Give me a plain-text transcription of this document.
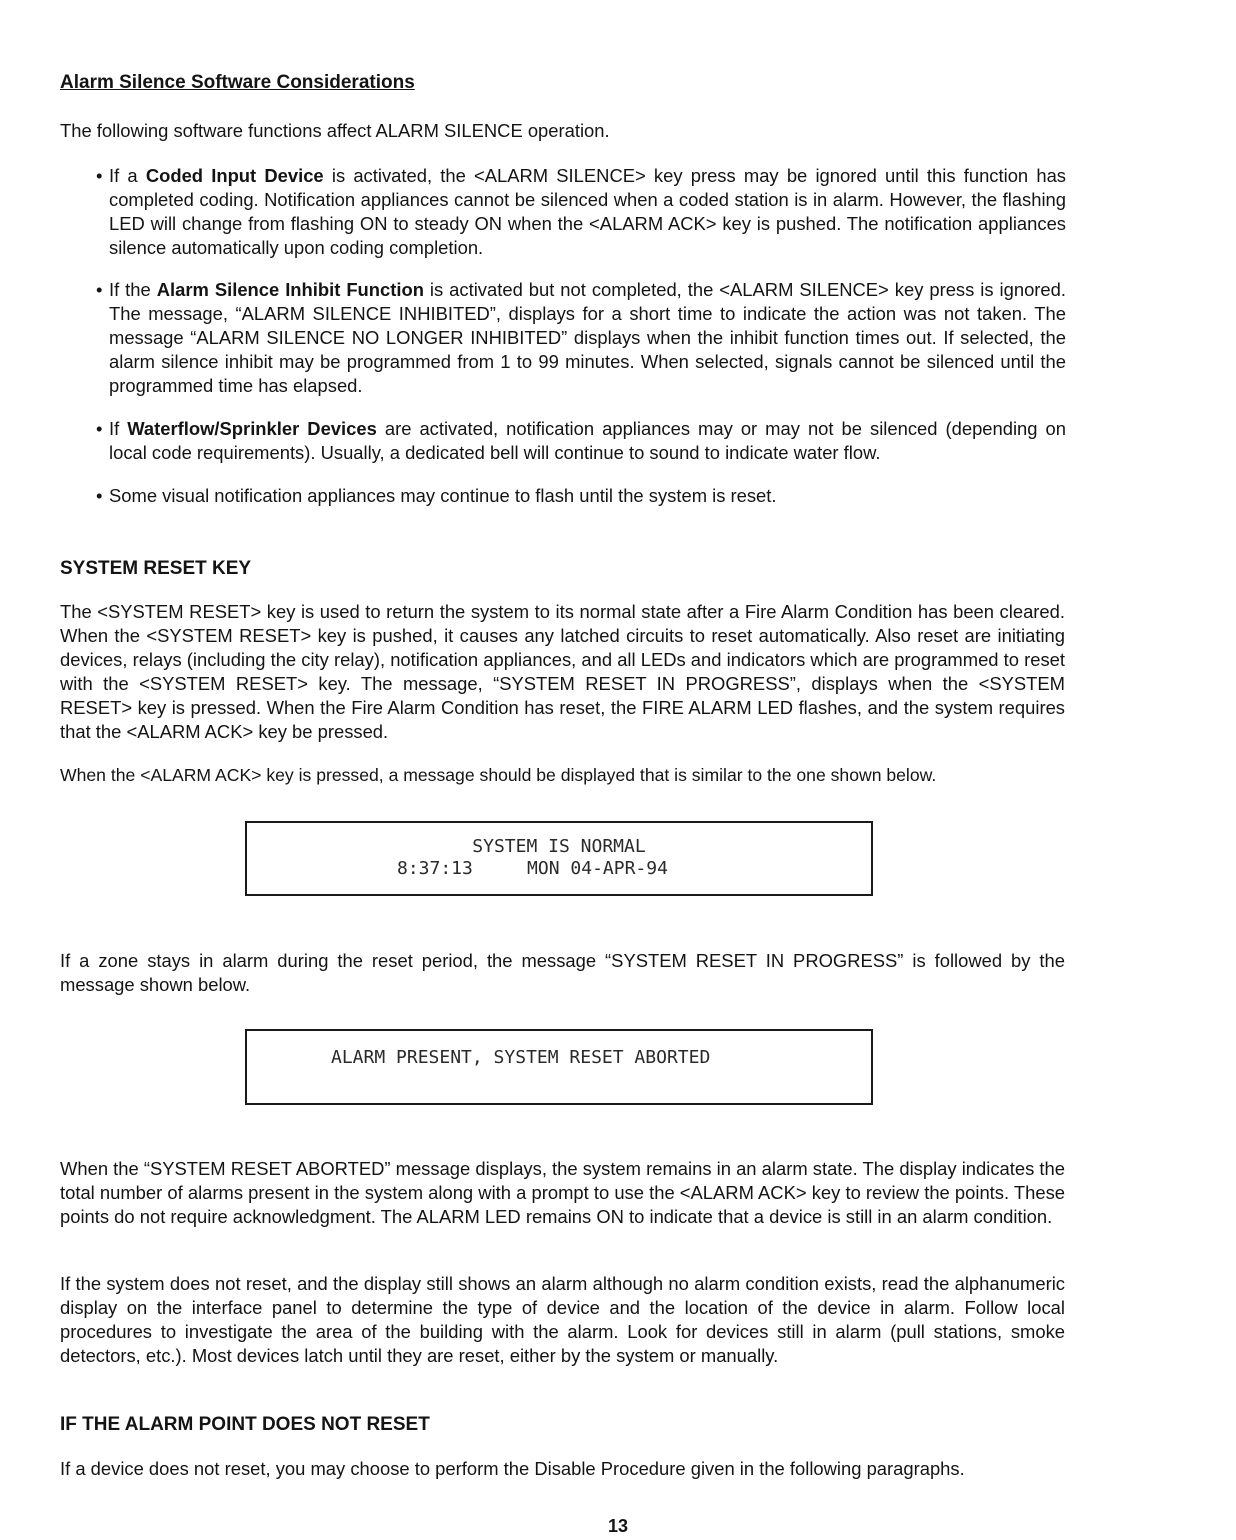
Alarm Silence Software Considerations

The following software functions affect ALARM SILENCE operation.

• If a Coded Input Device is activated, the <ALARM SILENCE> key press may be ignored until this function has completed coding. Notification appliances cannot be silenced when a coded station is in alarm. However, the flashing LED will change from flashing ON to steady ON when the <ALARM ACK> key is pushed. The notification appliances silence automatically upon coding completion.
• If the Alarm Silence Inhibit Function is activated but not completed, the <ALARM SILENCE> key press is ignored. The message, “ALARM SILENCE INHIBITED”, displays for a short time to indicate the action was not taken. The message “ALARM SILENCE NO LONGER INHIBITED” displays when the inhibit function times out. If selected, the alarm silence inhibit may be programmed from 1 to 99 minutes. When selected, signals cannot be silenced until the programmed time has elapsed.
• If Waterflow/Sprinkler Devices are activated, notification appliances may or may not be silenced (depending on local code requirements). Usually, a dedicated bell will continue to sound to indicate water flow.
• Some visual notification appliances may continue to flash until the system is reset.
SYSTEM RESET KEY

The <SYSTEM RESET> key is used to return the system to its normal state after a Fire Alarm Condition has been cleared. When the <SYSTEM RESET> key is pushed, it causes any latched circuits to reset automatically. Also reset are initiating devices, relays (including the city relay), notification appliances, and all LEDs and indicators which are programmed to reset with the <SYSTEM RESET> key. The message, “SYSTEM RESET IN PROGRESS”, displays when the <SYSTEM RESET> key is pressed. When the Fire Alarm Condition has reset, the FIRE ALARM LED flashes, and the system requires that the <ALARM ACK> key be pressed.

When the <ALARM ACK> key is pressed, a message should be displayed that is similar to the one shown below.

SYSTEM IS NORMAL
8:37:13     MON 04-APR-94

If a zone stays in alarm during the reset period, the message “SYSTEM RESET IN PROGRESS” is followed by the message shown below.

ALARM PRESENT, SYSTEM RESET ABORTED

When the “SYSTEM RESET ABORTED” message displays, the system remains in an alarm state. The display indicates the total number of alarms present in the system along with a prompt to use the <ALARM ACK> key to review the points. These points do not require acknowledgment. The ALARM LED remains ON to indicate that a device is still in an alarm condition.

If the system does not reset, and the display still shows an alarm although no alarm condition exists, read the alphanumeric display on the interface panel to determine the type of device and the location of the device in alarm. Follow local procedures to investigate the area of the building with the alarm. Look for devices still in alarm (pull stations, smoke detectors, etc.). Most devices latch until they are reset, either by the system or manually.

IF THE ALARM POINT DOES NOT RESET

If a device does not reset, you may choose to perform the Disable Procedure given in the following paragraphs.

13
